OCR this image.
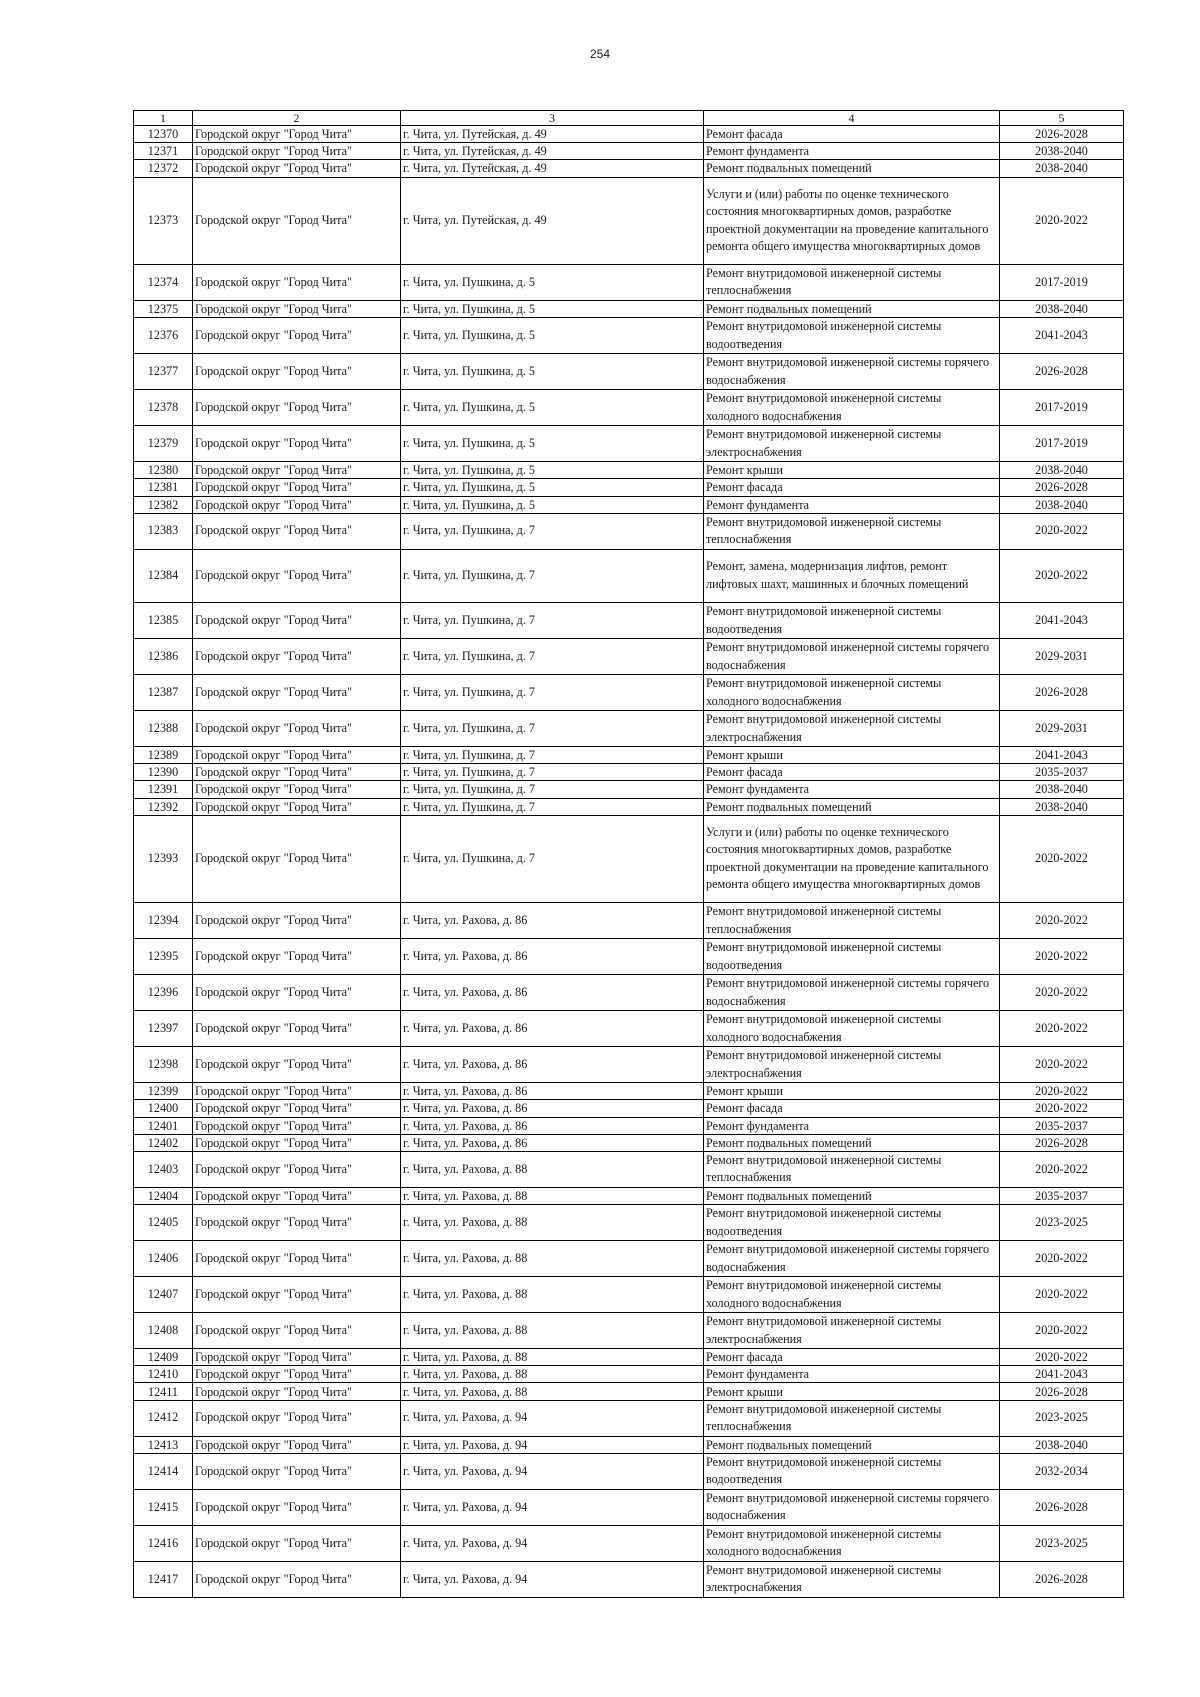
254
1	2	3	4	5
12370	Городской округ "Город Чита"	г. Чита, ул. Путейская, д. 49	Ремонт фасада	2026-2028
12371	Городской округ "Город Чита"	г. Чита, ул. Путейская, д. 49	Ремонт фундамента	2038-2040
12372	Городской округ "Город Чита"	г. Чита, ул. Путейская, д. 49	Ремонт подвальных помещений	2038-2040
12373	Городской округ "Город Чита"	г. Чита, ул. Путейская, д. 49	Услуги и (или) работы по оценке технического состояния многоквартирных домов, разработке проектной документации на проведение капитального ремонта общего имущества многоквартирных домов	2020-2022
12374	Городской округ "Город Чита"	г. Чита, ул. Пушкина, д. 5	Ремонт внутридомовой инженерной системы теплоснабжения	2017-2019
12375	Городской округ "Город Чита"	г. Чита, ул. Пушкина, д. 5	Ремонт подвальных помещений	2038-2040
12376	Городской округ "Город Чита"	г. Чита, ул. Пушкина, д. 5	Ремонт внутридомовой инженерной системы водоотведения	2041-2043
12377	Городской округ "Город Чита"	г. Чита, ул. Пушкина, д. 5	Ремонт внутридомовой инженерной системы горячего водоснабжения	2026-2028
12378	Городской округ "Город Чита"	г. Чита, ул. Пушкина, д. 5	Ремонт внутридомовой инженерной системы холодного водоснабжения	2017-2019
12379	Городской округ "Город Чита"	г. Чита, ул. Пушкина, д. 5	Ремонт внутридомовой инженерной системы электроснабжения	2017-2019
12380	Городской округ "Город Чита"	г. Чита, ул. Пушкина, д. 5	Ремонт крыши	2038-2040
12381	Городской округ "Город Чита"	г. Чита, ул. Пушкина, д. 5	Ремонт фасада	2026-2028
12382	Городской округ "Город Чита"	г. Чита, ул. Пушкина, д. 5	Ремонт фундамента	2038-2040
12383	Городской округ "Город Чита"	г. Чита, ул. Пушкина, д. 7	Ремонт внутридомовой инженерной системы теплоснабжения	2020-2022
12384	Городской округ "Город Чита"	г. Чита, ул. Пушкина, д. 7	Ремонт, замена, модернизация лифтов, ремонт лифтовых шахт, машинных и блочных помещений	2020-2022
12385	Городской округ "Город Чита"	г. Чита, ул. Пушкина, д. 7	Ремонт внутридомовой инженерной системы водоотведения	2041-2043
12386	Городской округ "Город Чита"	г. Чита, ул. Пушкина, д. 7	Ремонт внутридомовой инженерной системы горячего водоснабжения	2029-2031
12387	Городской округ "Город Чита"	г. Чита, ул. Пушкина, д. 7	Ремонт внутридомовой инженерной системы холодного водоснабжения	2026-2028
12388	Городской округ "Город Чита"	г. Чита, ул. Пушкина, д. 7	Ремонт внутридомовой инженерной системы электроснабжения	2029-2031
12389	Городской округ "Город Чита"	г. Чита, ул. Пушкина, д. 7	Ремонт крыши	2041-2043
12390	Городской округ "Город Чита"	г. Чита, ул. Пушкина, д. 7	Ремонт фасада	2035-2037
12391	Городской округ "Город Чита"	г. Чита, ул. Пушкина, д. 7	Ремонт фундамента	2038-2040
12392	Городской округ "Город Чита"	г. Чита, ул. Пушкина, д. 7	Ремонт подвальных помещений	2038-2040
12393	Городской округ "Город Чита"	г. Чита, ул. Пушкина, д. 7	Услуги и (или) работы по оценке технического состояния многоквартирных домов, разработке проектной документации на проведение капитального ремонта общего имущества многоквартирных домов	2020-2022
12394	Городской округ "Город Чита"	г. Чита, ул. Рахова, д. 86	Ремонт внутридомовой инженерной системы теплоснабжения	2020-2022
12395	Городской округ "Город Чита"	г. Чита, ул. Рахова, д. 86	Ремонт внутридомовой инженерной системы водоотведения	2020-2022
12396	Городской округ "Город Чита"	г. Чита, ул. Рахова, д. 86	Ремонт внутридомовой инженерной системы горячего водоснабжения	2020-2022
12397	Городской округ "Город Чита"	г. Чита, ул. Рахова, д. 86	Ремонт внутридомовой инженерной системы холодного водоснабжения	2020-2022
12398	Городской округ "Город Чита"	г. Чита, ул. Рахова, д. 86	Ремонт внутридомовой инженерной системы электроснабжения	2020-2022
12399	Городской округ "Город Чита"	г. Чита, ул. Рахова, д. 86	Ремонт крыши	2020-2022
12400	Городской округ "Город Чита"	г. Чита, ул. Рахова, д. 86	Ремонт фасада	2020-2022
12401	Городской округ "Город Чита"	г. Чита, ул. Рахова, д. 86	Ремонт фундамента	2035-2037
12402	Городской округ "Город Чита"	г. Чита, ул. Рахова, д. 86	Ремонт подвальных помещений	2026-2028
12403	Городской округ "Город Чита"	г. Чита, ул. Рахова, д. 88	Ремонт внутридомовой инженерной системы теплоснабжения	2020-2022
12404	Городской округ "Город Чита"	г. Чита, ул. Рахова, д. 88	Ремонт подвальных помещений	2035-2037
12405	Городской округ "Город Чита"	г. Чита, ул. Рахова, д. 88	Ремонт внутридомовой инженерной системы водоотведения	2023-2025
12406	Городской округ "Город Чита"	г. Чита, ул. Рахова, д. 88	Ремонт внутридомовой инженерной системы горячего водоснабжения	2020-2022
12407	Городской округ "Город Чита"	г. Чита, ул. Рахова, д. 88	Ремонт внутридомовой инженерной системы холодного водоснабжения	2020-2022
12408	Городской округ "Город Чита"	г. Чита, ул. Рахова, д. 88	Ремонт внутридомовой инженерной системы электроснабжения	2020-2022
12409	Городской округ "Город Чита"	г. Чита, ул. Рахова, д. 88	Ремонт фасада	2020-2022
12410	Городской округ "Город Чита"	г. Чита, ул. Рахова, д. 88	Ремонт фундамента	2041-2043
12411	Городской округ "Город Чита"	г. Чита, ул. Рахова, д. 88	Ремонт крыши	2026-2028
12412	Городской округ "Город Чита"	г. Чита, ул. Рахова, д. 94	Ремонт внутридомовой инженерной системы теплоснабжения	2023-2025
12413	Городской округ "Город Чита"	г. Чита, ул. Рахова, д. 94	Ремонт подвальных помещений	2038-2040
12414	Городской округ "Город Чита"	г. Чита, ул. Рахова, д. 94	Ремонт внутридомовой инженерной системы водоотведения	2032-2034
12415	Городской округ "Город Чита"	г. Чита, ул. Рахова, д. 94	Ремонт внутридомовой инженерной системы горячего водоснабжения	2026-2028
12416	Городской округ "Город Чита"	г. Чита, ул. Рахова, д. 94	Ремонт внутридомовой инженерной системы холодного водоснабжения	2023-2025
12417	Городской округ "Город Чита"	г. Чита, ул. Рахова, д. 94	Ремонт внутридомовой инженерной системы электроснабжения	2026-2028
